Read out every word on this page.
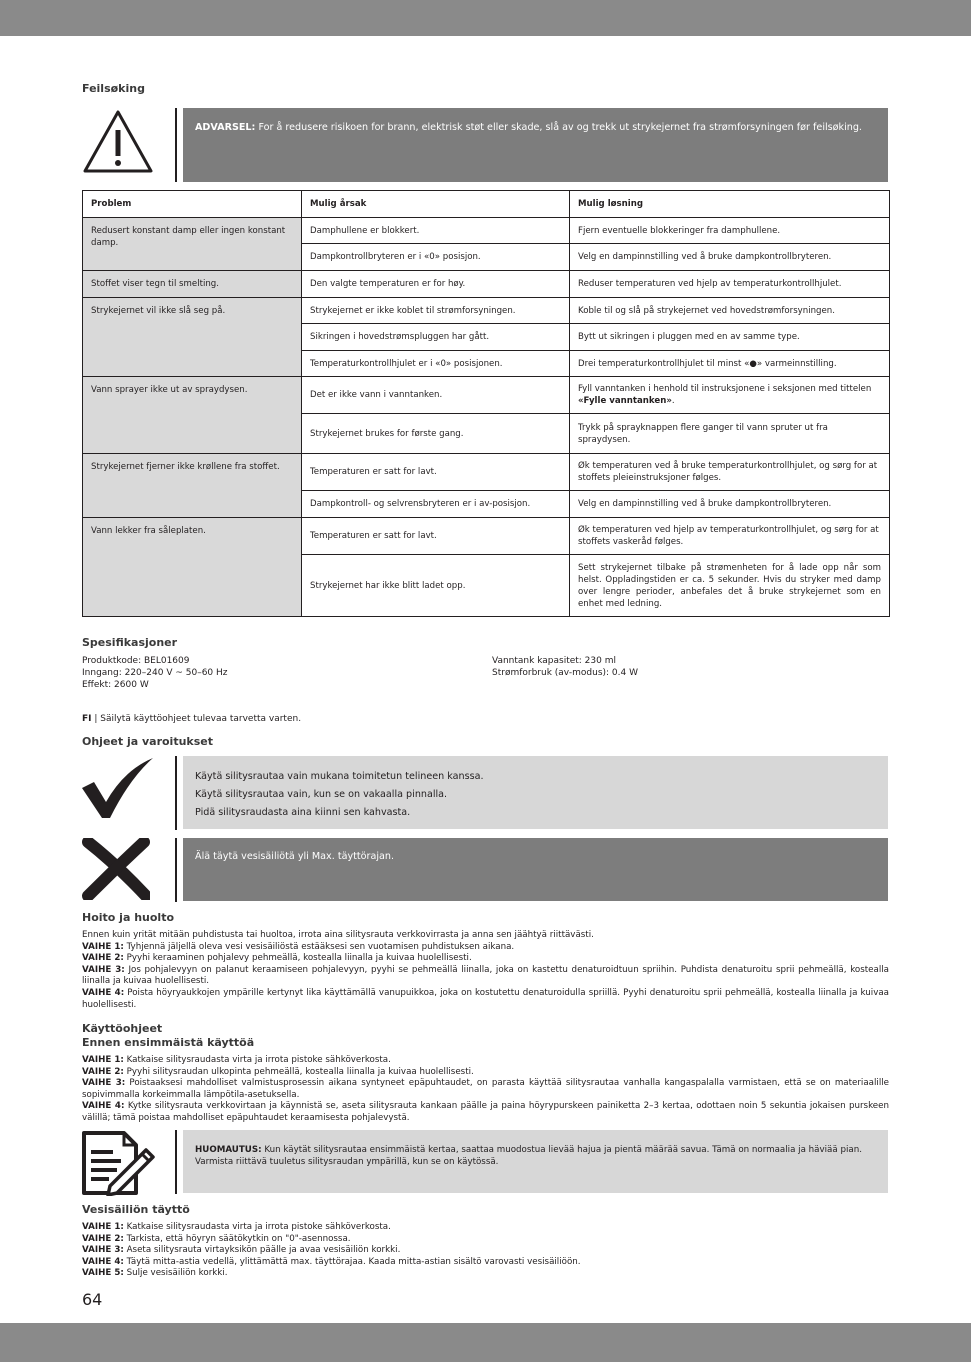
Feilsøking
ADVARSEL: For å redusere risikoen for brann, elektrisk støt eller skade, slå av og trekk ut strykejernet fra strømforsyningen før feilsøking.
Problem	Mulig årsak	Mulig løsning
Redusert konstant damp eller ingen konstant damp.	Damphullene er blokkert.	Fjern eventuelle blokkeringer fra damphullene.
	Dampkontrollbryteren er i «0» posisjon.	Velg en dampinnstilling ved å bruke dampkontrollbryteren.
Stoffet viser tegn til smelting.	Den valgte temperaturen er for høy.	Reduser temperaturen ved hjelp av temperaturkontrollhjulet.
Strykejernet vil ikke slå seg på.	Strykejernet er ikke koblet til strømforsyningen.	Koble til og slå på strykejernet ved hovedstrømforsyningen.
	Sikringen i hovedstrømspluggen har gått.	Bytt ut sikringen i pluggen med en av samme type.
	Temperaturkontrollhjulet er i «0» posisjonen.	Drei temperaturkontrollhjulet til minst «●» varmeinnstilling.
Vann sprayer ikke ut av spraydysen.	Det er ikke vann i vanntanken.	Fyll vanntanken i henhold til instruksjonene i seksjonen med tittelen «Fylle vanntanken».
	Strykejernet brukes for første gang.	Trykk på sprayknappen flere ganger til vann spruter ut fra spraydysen.
Strykejernet fjerner ikke krøllene fra stoffet.	Temperaturen er satt for lavt.	Øk temperaturen ved å bruke temperaturkontrollhjulet, og sørg for at stoffets pleieinstruksjoner følges.
	Dampkontroll- og selvrensbryteren er i av-posisjon.	Velg en dampinnstilling ved å bruke dampkontrollbryteren.
Vann lekker fra såleplaten.	Temperaturen er satt for lavt.	Øk temperaturen ved hjelp av temperaturkontrollhjulet, og sørg for at stoffets vaskeråd følges.
	Strykejernet har ikke blitt ladet opp.	Sett strykejernet tilbake på strømenheten for å lade opp når som helst. Oppladingstiden er ca. 5 sekunder. Hvis du stryker med damp over lengre perioder, anbefales det å bruke strykejernet som en enhet med ledning.
Spesifikasjoner
Produktkode: BEL01609
Inngang: 220–240 V ~ 50–60 Hz
Effekt: 2600 W
Vanntank kapasitet: 230 ml
Strømforbruk (av-modus): 0.4 W
FI | Säilytä käyttöohjeet tulevaa tarvetta varten.
Ohjeet ja varoitukset
Käytä silitysrautaa vain mukana toimitetun telineen kanssa.
Käytä silitysrautaa vain, kun se on vakaalla pinnalla.
Pidä silitysraudasta aina kiinni sen kahvasta.
Älä täytä vesisäiliötä yli Max. täyttörajan.
Hoito ja huolto
Ennen kuin yrität mitään puhdistusta tai huoltoa, irrota aina silitysrauta verkkovirrasta ja anna sen jäähtyä riittävästi.
VAIHE 1: Tyhjennä jäljellä oleva vesi vesisäiliöstä estääksesi sen vuotamisen puhdistuksen aikana.
VAIHE 2: Pyyhi keraaminen pohjalevy pehmeällä, kostealla liinalla ja kuivaa huolellisesti.
VAIHE 3: Jos pohjalevyyn on palanut keraamiseen pohjalevyyn, pyyhi se pehmeällä liinalla, joka on kastettu denaturoidtuun spriihin. Puhdista denaturoitu sprii pehmeällä, kostealla liinalla ja kuivaa huolellisesti.
VAIHE 4: Poista höyryaukkojen ympärille kertynyt lika käyttämällä vanupuikkoa, joka on kostutettu denaturoidulla spriillä. Pyyhi denaturoitu sprii pehmeällä, kostealla liinalla ja kuivaa huolellisesti.
Käyttöohjeet
Ennen ensimmäistä käyttöä
VAIHE 1: Katkaise silitysraudasta virta ja irrota pistoke sähköverkosta.
VAIHE 2: Pyyhi silitysraudan ulkopinta pehmeällä, kostealla liinalla ja kuivaa huolellisesti.
VAIHE 3: Poistaaksesi mahdolliset valmistusprosessin aikana syntyneet epäpuhtaudet, on parasta käyttää silitysrautaa vanhalla kangaspalalla varmistaen, että se on materiaalille sopivimmalla korkeimmalla lämpötila-asetuksella.
VAIHE 4: Kytke silitysrauta verkkovirtaan ja käynnistä se, aseta silitysrauta kankaan päälle ja paina höyrypurskeen painiketta 2–3 kertaa, odottaen noin 5 sekuntia jokaisen purskeen välillä; tämä poistaa mahdolliset epäpuhtaudet keraamisesta pohjalevystä.
HUOMAUTUS: Kun käytät silitysrautaa ensimmäistä kertaa, saattaa muodostua lievää hajua ja pientä määrää savua. Tämä on normaalia ja häviää pian. Varmista riittävä tuuletus silitysraudan ympärillä, kun se on käytössä.
Vesisäiliön täyttö
VAIHE 1: Katkaise silitysraudasta virta ja irrota pistoke sähköverkosta.
VAIHE 2: Tarkista, että höyryn säätökytkin on "0"-asennossa.
VAIHE 3: Aseta silitysrauta virtayksikön päälle ja avaa vesisäiliön korkki.
VAIHE 4: Täytä mitta-astia vedellä, ylittämättä max. täyttörajaa. Kaada mitta-astian sisältö varovasti vesisäiliöön.
VAIHE 5: Sulje vesisäiliön korkki.
64
